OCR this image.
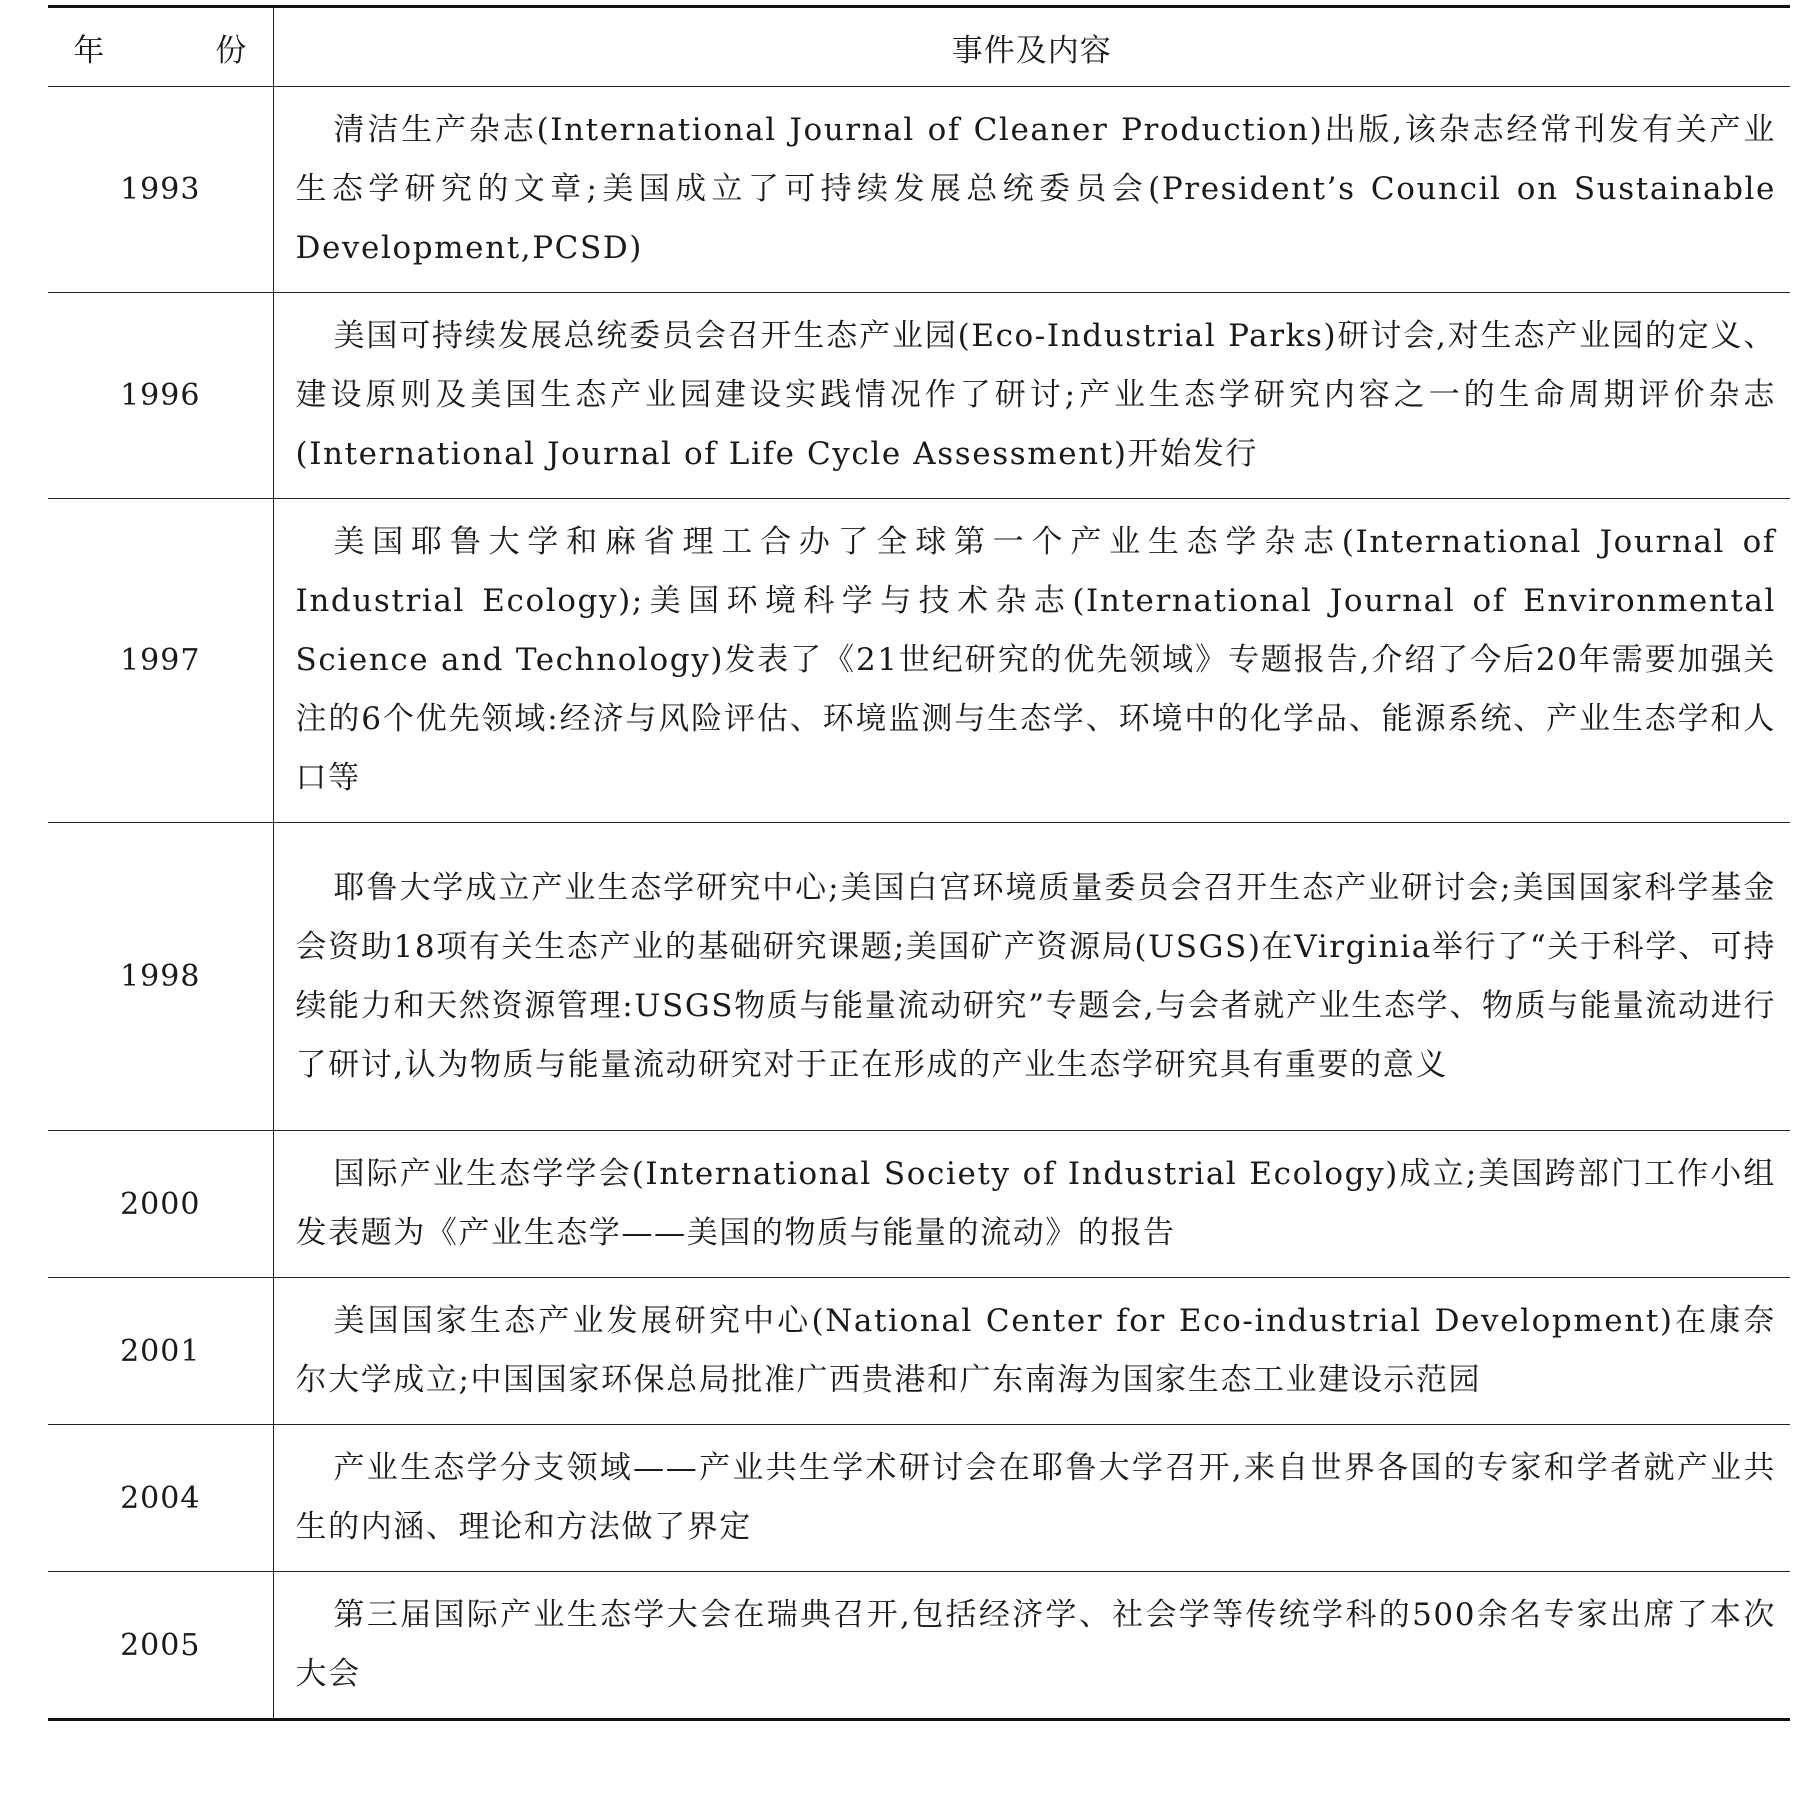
年 份	事件及内容
1993	清洁生产杂志(International Journal of Cleaner Production)出版,该杂志经常刊发有关产业生态学研究的文章;美国成立了可持续发展总统委员会(President’s Council on Sustainable Development,PCSD)

1996	美国可持续发展总统委员会召开生态产业园(Eco-Industrial Parks)研讨会,对生态产业园的定义、建设原则及美国生态产业园建设实践情况作了研讨;产业生态学研究内容之一的生命周期评价杂志(International Journal of Life Cycle Assessment)开始发行

1997	美国耶鲁大学和麻省理工合办了全球第一个产业生态学杂志(International Journal of Industrial Ecology);美国环境科学与技术杂志(International Journal of Environmental Science and Technology)发表了《21世纪研究的优先领域》专题报告,介绍了今后20年需要加强关注的6个优先领域:经济与风险评估、环境监测与生态学、环境中的化学品、能源系统、产业生态学和人口等

1998	耶鲁大学成立产业生态学研究中心;美国白宫环境质量委员会召开生态产业研讨会;美国国家科学基金会资助18项有关生态产业的基础研究课题;美国矿产资源局(USGS)在Virginia举行了“关于科学、可持续能力和天然资源管理:USGS物质与能量流动研究”专题会,与会者就产业生态学、物质与能量流动进行了研讨,认为物质与能量流动研究对于正在形成的产业生态学研究具有重要的意义

2000	国际产业生态学学会(International Society of Industrial Ecology)成立;美国跨部门工作小组发表题为《产业生态学——美国的物质与能量的流动》的报告

2001	美国国家生态产业发展研究中心(National Center for Eco-industrial Development)在康奈尔大学成立;中国国家环保总局批准广西贵港和广东南海为国家生态工业建设示范园

2004	产业生态学分支领域——产业共生学术研讨会在耶鲁大学召开,来自世界各国的专家和学者就产业共生的内涵、理论和方法做了界定

2005	第三届国际产业生态学大会在瑞典召开,包括经济学、社会学等传统学科的500余名专家出席了本次大会
